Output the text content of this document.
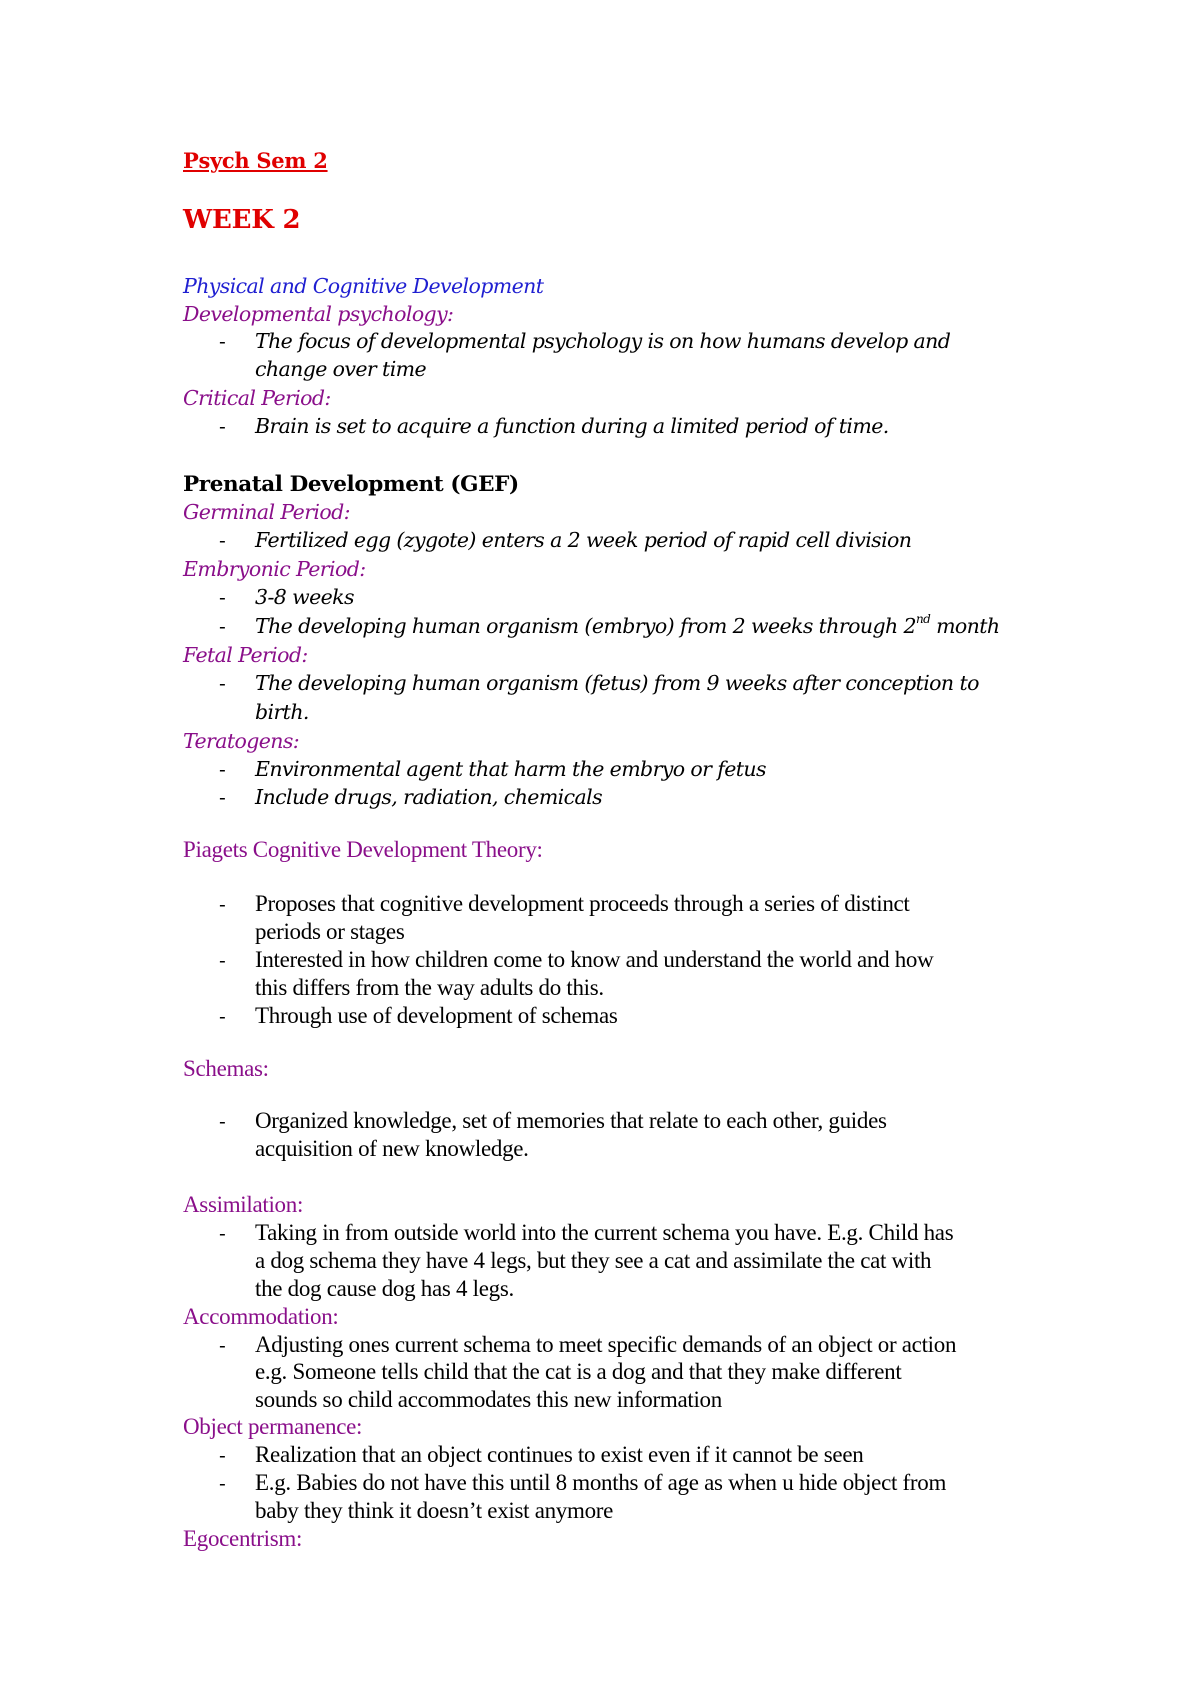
Psych Sem 2
WEEK 2

Physical and Cognitive Development

Developmental psychology:

- The focus of developmental psychology is on how humans develop and

change over time

Critical Period:

- Brain is set to acquire a function during a limited period of time.

Prenatal Development (GEF)

Germinal Period:

- Fertilized egg (zygote) enters a 2 week period of rapid cell division

Embryonic Period:

- 3-8 weeks

- The developing human organism (embryo) from 2 weeks through 2nd month

Fetal Period:

- The developing human organism (fetus) from 9 weeks after conception to

birth.

Teratogens:

- Environmental agent that harm the embryo or fetus

- Include drugs, radiation, chemicals

Piagets Cognitive Development Theory:

- Proposes that cognitive development proceeds through a series of distinct

periods or stages

- Interested in how children come to know and understand the world and how

this differs from the way adults do this.

- Through use of development of schemas

Schemas:

- Organized knowledge, set of memories that relate to each other, guides

acquisition of new knowledge.

Assimilation:

- Taking in from outside world into the current schema you have. E.g. Child has

a dog schema they have 4 legs, but they see a cat and assimilate the cat with

the dog cause dog has 4 legs.

Accommodation:

- Adjusting ones current schema to meet specific demands of an object or action

e.g. Someone tells child that the cat is a dog and that they make different

sounds so child accommodates this new information

Object permanence:

- Realization that an object continues to exist even if it cannot be seen

- E.g. Babies do not have this until 8 months of age as when u hide object from

baby they think it doesn’t exist anymore

Egocentrism:
